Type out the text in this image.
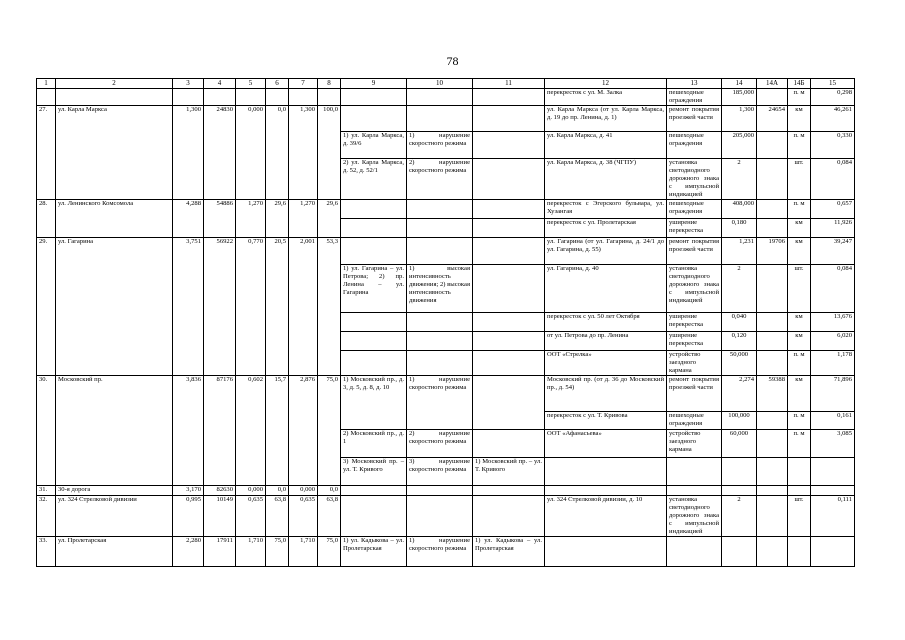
78
1	2	3	4	5	6	7	8	9	10	11	12	13	14	14А	14Б	15
											перекресток с ул. М. Залка	пешеходные ограждения	185,000		п. м	0,298
27.	ул. Карла Маркса	1,300	24830	0,000	0,0	1,300	100,0				ул. Карла Маркса (от ул. Карла Маркса, д. 19 до пр. Ленина, д. 1)	ремонт покрытия проезжей части	1,300	24654	км	46,261
								1) ул. Карла Маркса, д. 39/6	1) нарушение скоростного режима		ул. Карла Маркса, д. 41	пешеходные ограждения	205,000		п. м	0,330
								2) ул. Карла Маркса, д. 52, д. 52/1	2) нарушение скоростного режима		ул. Карла Маркса, д. 38 (ЧГПУ)	установка светодиодного дорожного знака с импульсной индикацией	2		шт.	0,084
28.	ул. Ленинского Комсомола	4,288	54886	1,270	29,6	1,270	29,6				перекресток с Эгерского бульвара, ул. Хузангая	пешеходные ограждения	408,000		п. м	0,657
											перекресток с ул. Пролетарская	уширение перекрестка	0,180		км	11,926
29.	ул. Гагарина	3,751	56922	0,770	20,5	2,001	53,3				ул. Гагарина (от ул. Гагарина, д. 24/1 до ул. Гагарина, д. 55)	ремонт покрытия проезжей части	1,231	19706	км	39,247
								1) ул. Гагарина – ул. Петрова; 2) пр. Ленина – ул. Гагарина	1) высокая интенсивность движения; 2) высокая интенсивность движения		ул. Гагарина, д. 40	установка светодиодного дорожного знака с импульсной индикацией	2		шт.	0,084
											перекресток с ул. 50 лет Октября	уширение перекрестка	0,040		км	13,676
											от ул. Петрова до пр. Ленина	уширение перекрестка	0,120		км	6,020
											ООТ «Стрелка»	устройство заездного кармана	50,000		п. м	1,178
30.	Московский пр.	3,836	87176	0,602	15,7	2,876	75,0	1) Московский пр., д. 3, д. 5, д. 8, д. 10	1) нарушение скоростного режима		Московский пр. (от д. 36 до Московский пр., д. 54)	ремонт покрытия проезжей части	2,274	59388	км	71,896
											перекресток с ул. Т. Кривова	пешеходные ограждения	100,000		п. м	0,161
								2) Московский пр., д. 1	2) нарушение скоростного режима		ООТ «Афанасьева»	устройство заездного кармана	60,000		п. м	3,085
								3) Московский пр. – ул. Т. Кривого	3) нарушение скоростного режима	1) Московский пр. – ул. Т. Кривого						
31.	30-я дорога	3,170	82630	0,000	0,0	0,000	0,0									
32.	ул. 324 Стрелковой дивизии	0,995	10149	0,635	63,8	0,635	63,8				ул. 324 Стрелковой дивизии, д. 10	установка светодиодного дорожного знака с импульсной индикацией	2		шт.	0,111
33.	ул. Пролетарская	2,280	17911	1,710	75,0	1,710	75,0	1) ул. Кадыкова – ул. Пролетарская	1) нарушение скоростного режима	1) ул. Кадыкова – ул. Пролетарская						
